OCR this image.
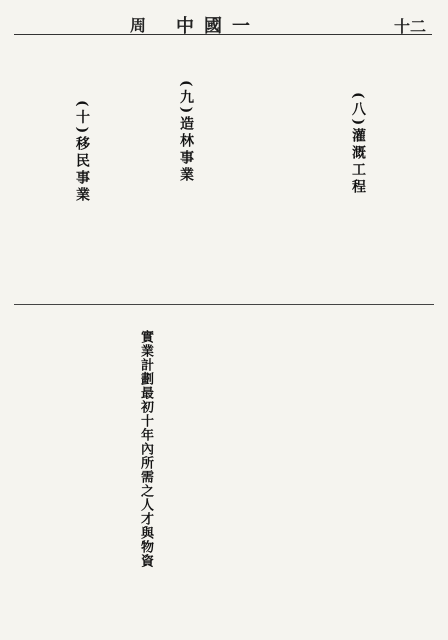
十二
中國一
周
(八)灌溉工程
(九)造林事業
(十)移民事業
實業計劃最初十年內所需之人才與物資
